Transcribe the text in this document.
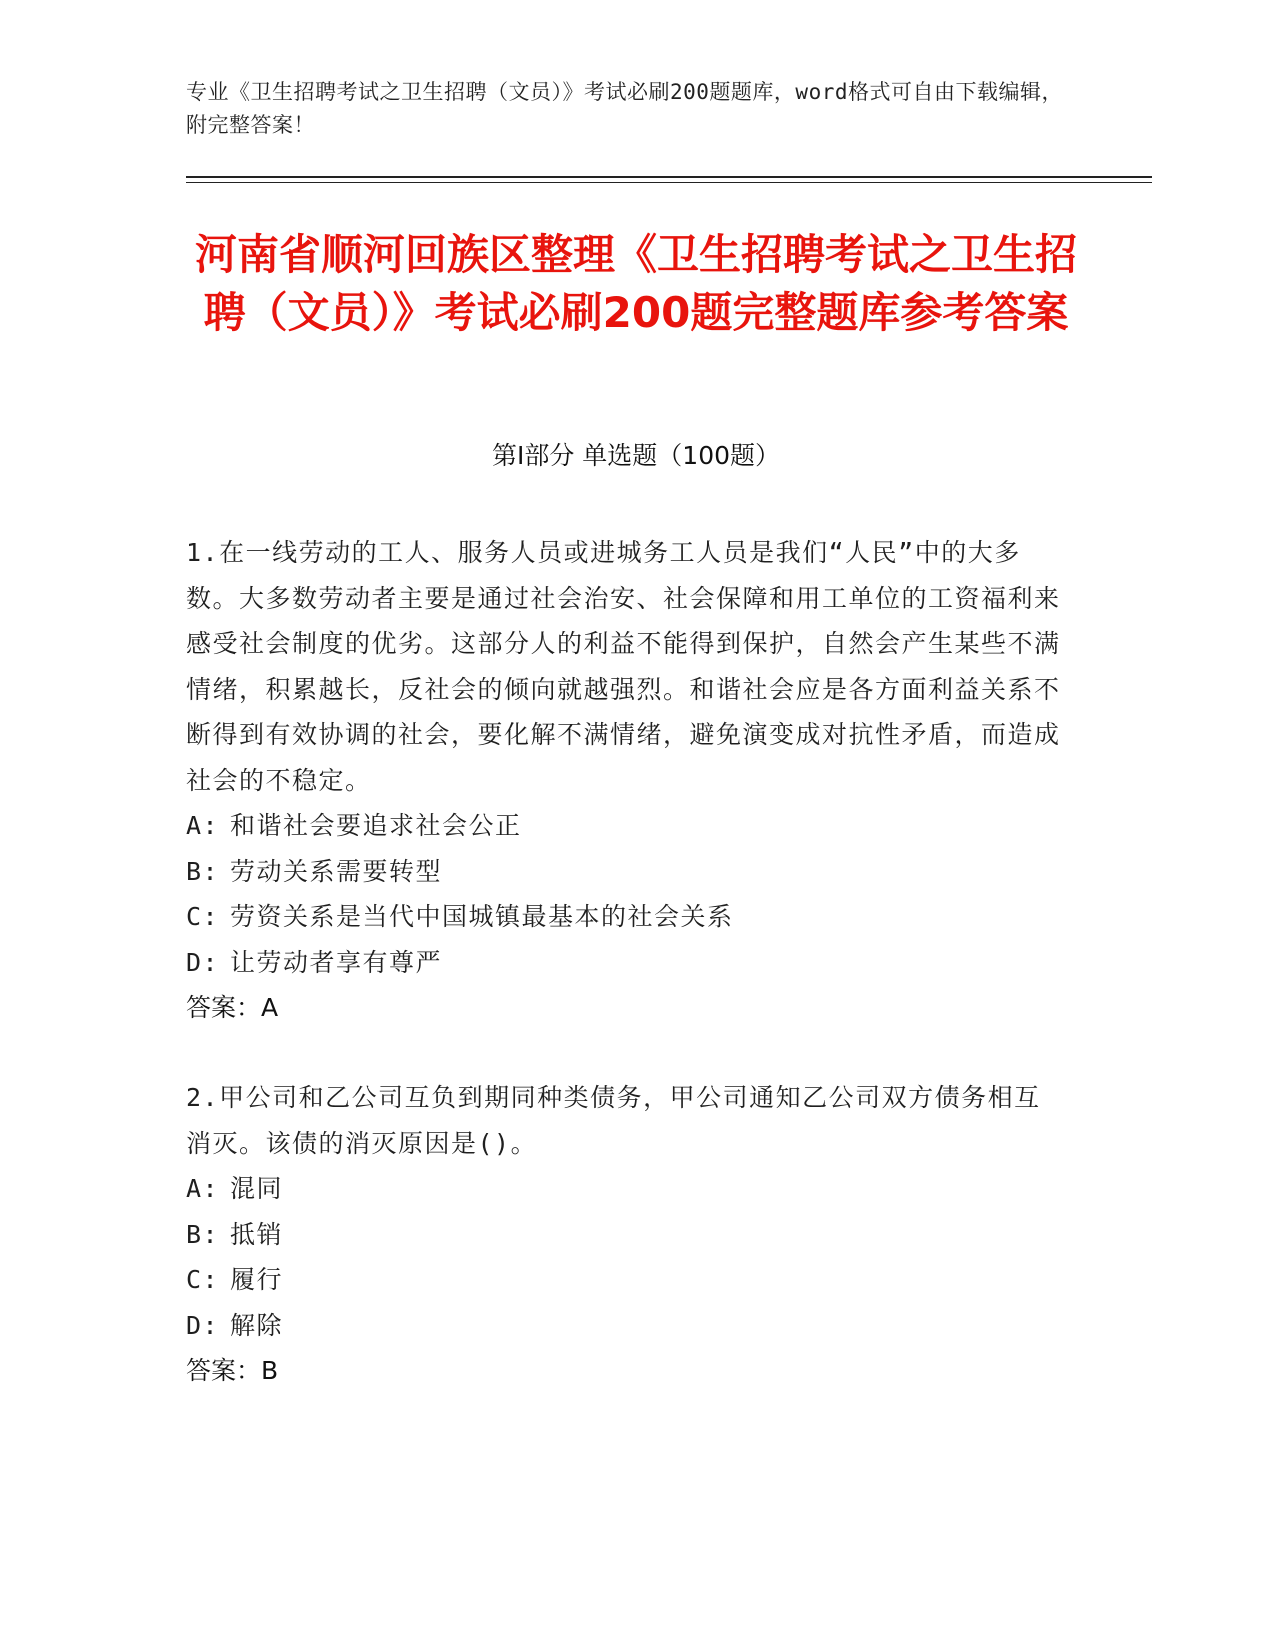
专业《卫生招聘考试之卫生招聘（文员）》考试必刷200题题库，word格式可自由下载编辑，附完整答案！
河南省顺河回族区整理《卫生招聘考试之卫生招聘（文员）》考试必刷200题完整题库参考答案
第Ⅰ部分 单选题（100题）

1.在一线劳动的工人、服务人员或进城务工人员是我们“人民”中的大多数。大多数劳动者主要是通过社会治安、社会保障和用工单位的工资福利来感受社会制度的优劣。这部分人的利益不能得到保护，自然会产生某些不满情绪，积累越长，反社会的倾向就越强烈。和谐社会应是各方面利益关系不断得到有效协调的社会，要化解不满情绪，避免演变成对抗性矛盾，而造成社会的不稳定。

A: 和谐社会要追求社会公正
B: 劳动关系需要转型
C: 劳资关系是当代中国城镇最基本的社会关系
D: 让劳动者享有尊严
答案：A

2.甲公司和乙公司互负到期同种类债务，甲公司通知乙公司双方债务相互消灭。该债的消灭原因是()。

A: 混同
B: 抵销
C: 履行
D: 解除
答案：B
